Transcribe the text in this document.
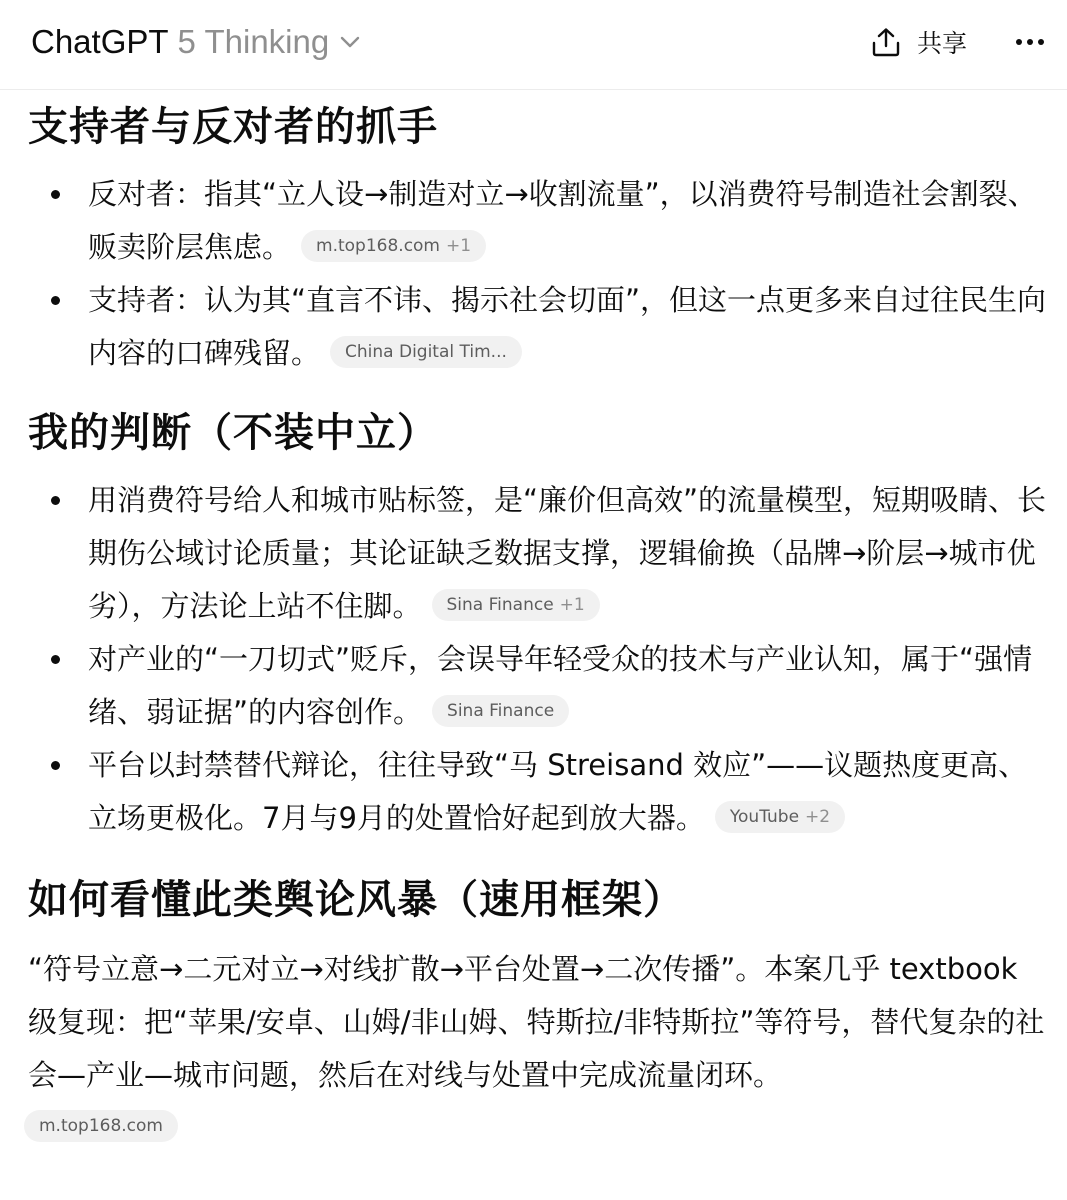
ChatGPT 5 Thinking	共享
支持者与反对者的抓手
反对者：指其“立人设→制造对立→收割流量”，以消费符号制造社会割裂、贩卖阶层焦虑。 m.top168.com +1
支持者：认为其“直言不讳、揭示社会切面”，但这一点更多来自过往民生向内容的口碑残留。 China Digital Tim...
我的判断（不装中立）
用消费符号给人和城市贴标签，是“廉价但高效”的流量模型，短期吸睛、长期伤公域讨论质量；其论证缺乏数据支撑，逻辑偷换（品牌→阶层→城市优劣），方法论上站不住脚。 Sina Finance +1
对产业的“一刀切式”贬斥，会误导年轻受众的技术与产业认知，属于“强情绪、弱证据”的内容创作。 Sina Finance
平台以封禁替代辩论，往往导致“马 Streisand 效应”——议题热度更高、立场更极化。7月与9月的处置恰好起到放大器。 YouTube +2
如何看懂此类舆论风暴（速用框架）

“符号立意→二元对立→对线扩散→平台处置→二次传播”。本案几乎 textbook 级复现：把“苹果/安卓、山姆/非山姆、特斯拉/非特斯拉”等符号，替代复杂的社会—产业—城市问题，然后在对线与处置中完成流量闭环。

m.top168.com
